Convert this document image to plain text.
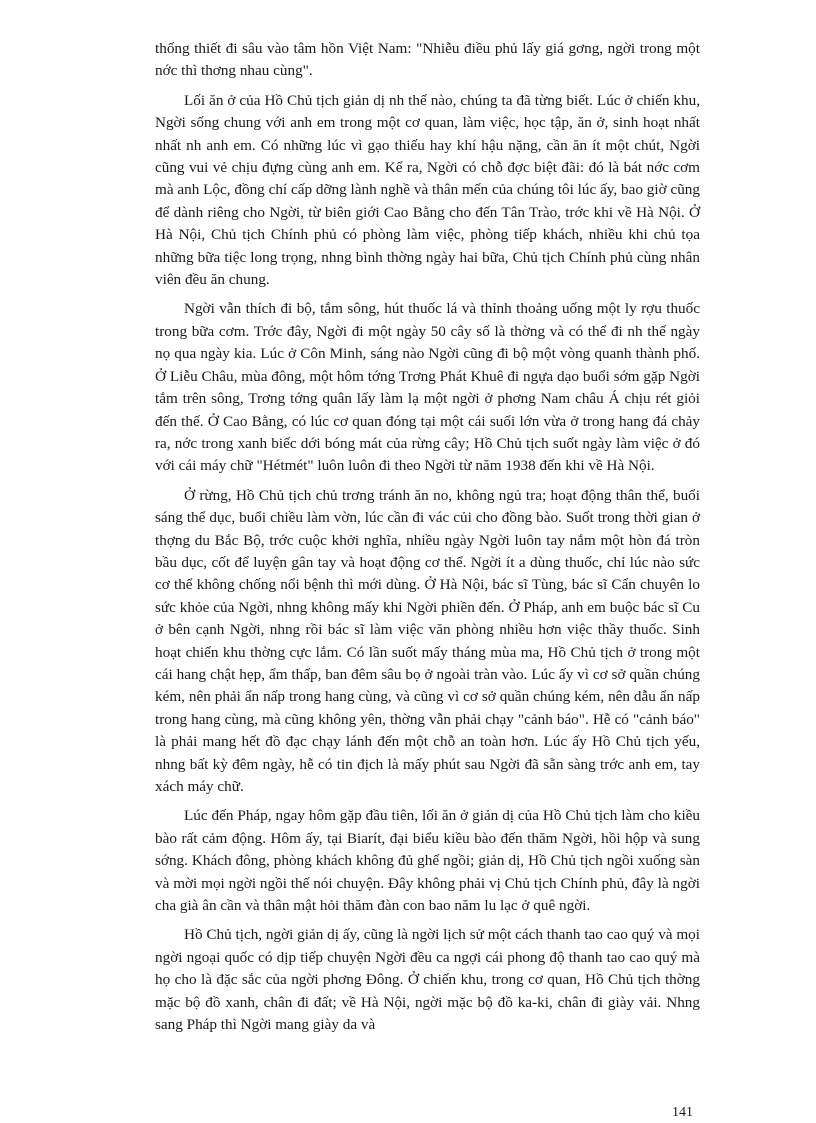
thống thiết đi sâu vào tâm hồn Việt Nam: "Nhiễu điều phủ lấy giá gơng, ngời trong một nớc thì thơng nhau cùng".

Lối ăn ở của Hồ Chủ tịch giản dị nh thế nào, chúng ta đã từng biết. Lúc ở chiến khu, Ngời sống chung với anh em trong một cơ quan, làm việc, học tập, ăn ở, sinh hoạt nhất nhất nh anh em. Có những lúc vì gạo thiếu hay khí hậu nặng, cần ăn ít một chút, Ngời cũng vui vẻ chịu đựng cùng anh em. Kể ra, Ngời có chỗ đợc biệt đãi: đó là bát nớc cơm mà anh Lộc, đồng chí cấp dỡng lành nghề và thân mến của chúng tôi lúc ấy, bao giờ cũng để dành riêng cho Ngời, từ biên giới Cao Bằng cho đến Tân Trào, trớc khi về Hà Nội. Ở Hà Nội, Chủ tịch Chính phủ có phòng làm việc, phòng tiếp khách, nhiều khi chủ tọa những bữa tiệc long trọng, nhng bình thờng ngày hai bữa, Chủ tịch Chính phủ cùng nhân viên đều ăn chung.

Ngời vẫn thích đi bộ, tắm sông, hút thuốc lá và thỉnh thoảng uống một ly rợu thuốc trong bữa cơm. Trớc đây, Ngời đi một ngày 50 cây số là thờng và có thể đi nh thế ngày nọ qua ngày kia. Lúc ở Côn Minh, sáng nào Ngời cũng đi bộ một vòng quanh thành phố. Ở Liễu Châu, mùa đông, một hôm tớng Trơng Phát Khuê đi ngựa dạo buổi sớm gặp Ngời tắm trên sông, Trơng tớng quân lấy làm lạ một ngời ở phơng Nam châu Á chịu rét giỏi đến thế. Ở Cao Bằng, có lúc cơ quan đóng tại một cái suối lớn vừa ở trong hang đá chảy ra, nớc trong xanh biếc dới bóng mát của rừng cây; Hồ Chủ tịch suốt ngày làm việc ở đó với cái máy chữ "Hétmét" luôn luôn đi theo Ngời từ năm 1938 đến khi về Hà Nội.

Ở rừng, Hồ Chủ tịch chủ trơng tránh ăn no, không ngủ tra; hoạt động thân thể, buổi sáng thể dục, buổi chiều làm vờn, lúc cần đi vác củi cho đồng bào. Suốt trong thời gian ở thợng du Bắc Bộ, trớc cuộc khởi nghĩa, nhiều ngày Ngời luôn tay nắm một hòn đá tròn bầu dục, cốt để luyện gân tay và hoạt động cơ thể. Ngời ít a dùng thuốc, chỉ lúc nào sức cơ thể không chống nổi bệnh thì mới dùng. Ở Hà Nội, bác sĩ Tùng, bác sĩ Cẩn chuyên lo sức khỏe của Ngời, nhng không mấy khi Ngời phiền đến. Ở Pháp, anh em buộc bác sĩ Cu ở bên cạnh Ngời, nhng rồi bác sĩ làm việc văn phòng nhiều hơn việc thầy thuốc. Sinh hoạt chiến khu thờng cực lắm. Có lần suốt mấy tháng mùa ma, Hồ Chủ tịch ở trong một cái hang chật hẹp, ẩm thấp, ban đêm sâu bọ ở ngoài tràn vào. Lúc ấy vì cơ sở quần chúng kém, nên phải ẩn nấp trong hang cùng, và cũng vì cơ sở quần chúng kém, nên dẫu ẩn nấp trong hang cùng, mà cũng không yên, thờng vẫn phải chạy "cảnh báo". Hễ có "cảnh báo" là phải mang hết đồ đạc chạy lánh đến một chỗ an toàn hơn. Lúc ấy Hồ Chủ tịch yếu, nhng bất kỳ đêm ngày, hễ có tin địch là mấy phút sau Ngời đã sẵn sàng trớc anh em, tay xách máy chữ.

Lúc đến Pháp, ngay hôm gặp đầu tiên, lối ăn ở giản dị của Hồ Chủ tịch làm cho kiều bào rất cảm động. Hôm ấy, tại Biarít, đại biểu kiều bào đến thăm Ngời, hồi hộp và sung sớng. Khách đông, phòng khách không đủ ghế ngồi; giản dị, Hồ Chủ tịch ngồi xuống sàn và mời mọi ngời ngồi thế nói chuyện. Đây không phải vị Chủ tịch Chính phủ, đây là ngời cha già ân cần và thân mật hỏi thăm đàn con bao năm lu lạc ở quê ngời.

Hồ Chủ tịch, ngời giản dị ấy, cũng là ngời lịch sử một cách thanh tao cao quý và mọi ngời ngoại quốc có dịp tiếp chuyện Ngời đều ca ngợi cái phong độ thanh tao cao quý mà họ cho là đặc sắc của ngời phơng Đông. Ở chiến khu, trong cơ quan, Hồ Chủ tịch thờng mặc bộ đồ xanh, chân đi đất; về Hà Nội, ngời mặc bộ đồ ka-ki, chân đi giày vải. Nhng sang Pháp thì Ngời mang giày da và

141
